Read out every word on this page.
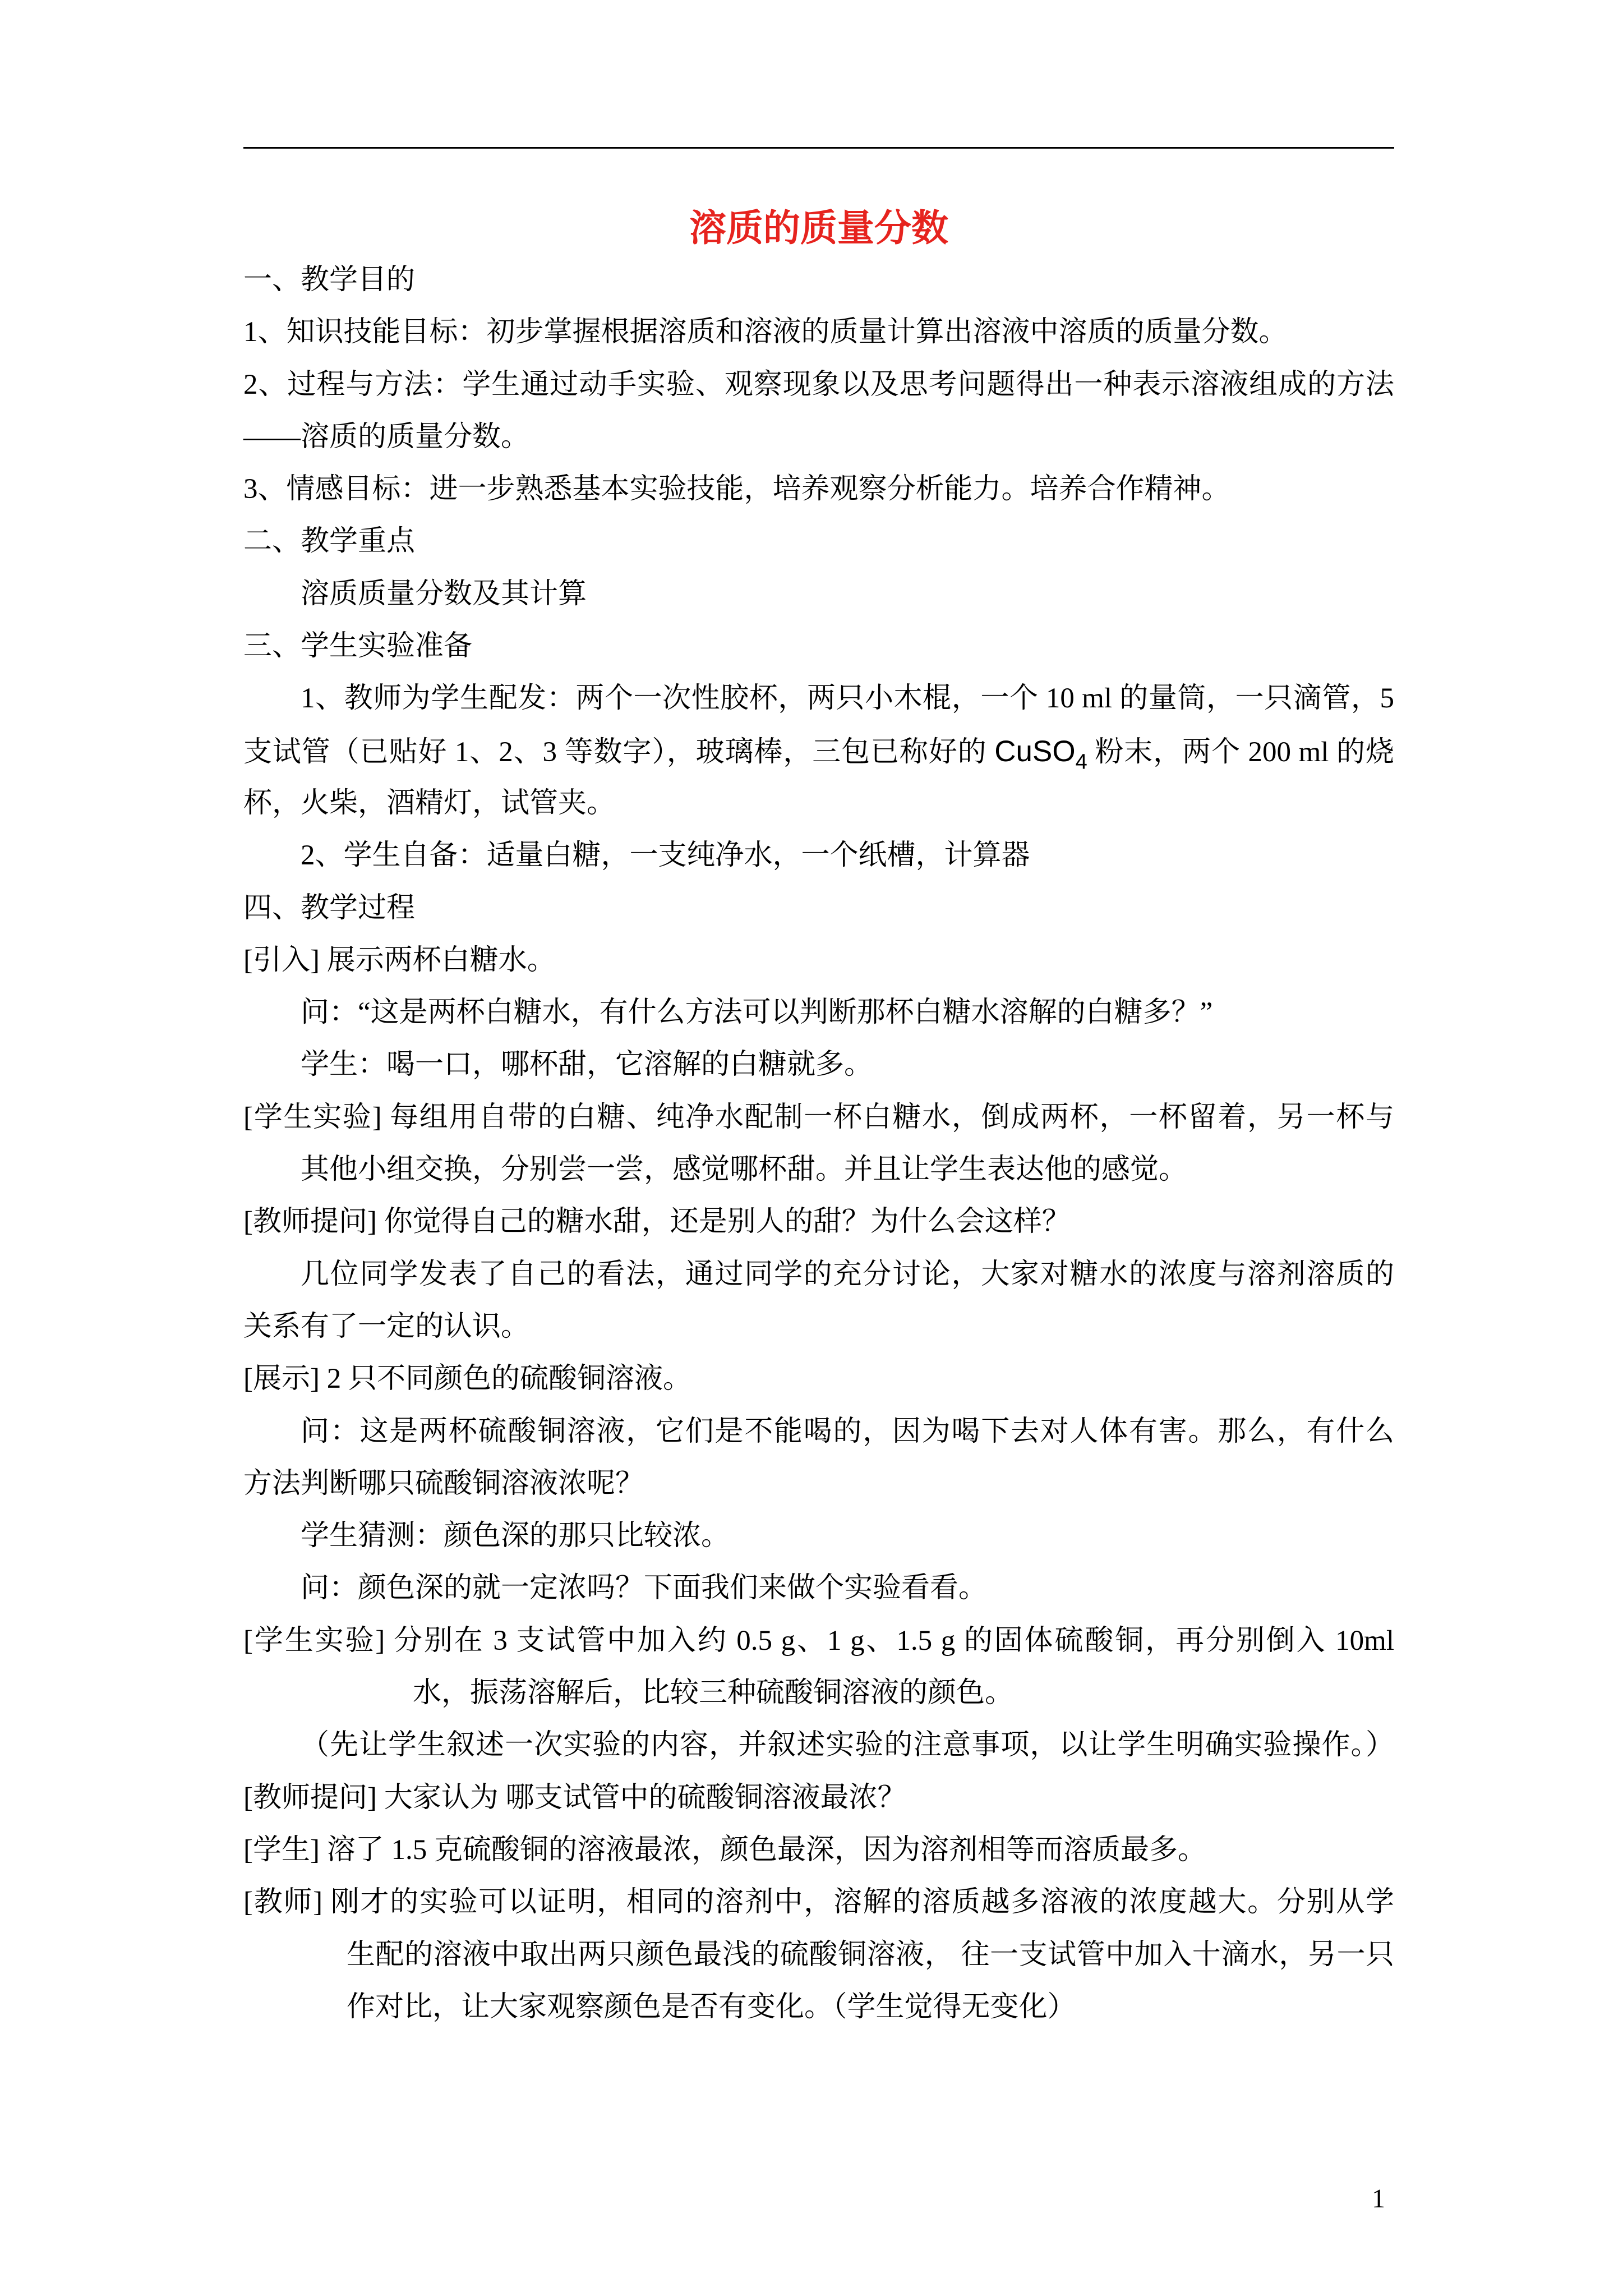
溶质的质量分数
一、教学目的
1、知识技能目标：初步掌握根据溶质和溶液的质量计算出溶液中溶质的质量分数。
2、过程与方法：学生通过动手实验、观察现象以及思考问题得出一种表示溶液组成的方法
——溶质的质量分数。
3、情感目标：进一步熟悉基本实验技能，培养观察分析能力。培养合作精神。
二、教学重点
溶质质量分数及其计算
三、学生实验准备
1、教师为学生配发：两个一次性胶杯，两只小木棍，一个 10 ml 的量筒，一只滴管，5
支试管（已贴好 1、2、3 等数字），玻璃棒，三包已称好的 CuSO$_4$ 粉末，两个 200 ml 的烧
杯，火柴，酒精灯，试管夹。
2、学生自备：适量白糖，一支纯净水，一个纸槽，计算器
四、教学过程
[引入] 展示两杯白糖水。
问：“这是两杯白糖水，有什么方法可以判断那杯白糖水溶解的白糖多？”
学生：喝一口，哪杯甜，它溶解的白糖就多。
[学生实验] 每组用自带的白糖、纯净水配制一杯白糖水，倒成两杯，一杯留着，另一杯与
其他小组交换，分别尝一尝，感觉哪杯甜。并且让学生表达他的感觉。
[教师提问] 你觉得自己的糖水甜，还是别人的甜？为什么会这样？
几位同学发表了自己的看法，通过同学的充分讨论，大家对糖水的浓度与溶剂溶质的
关系有了一定的认识。
[展示] 2 只不同颜色的硫酸铜溶液。
问：这是两杯硫酸铜溶液，它们是不能喝的，因为喝下去对人体有害。那么，有什么
方法判断哪只硫酸铜溶液浓呢？
学生猜测：颜色深的那只比较浓。
问：颜色深的就一定浓吗？下面我们来做个实验看看。
[学生实验] 分别在 3 支试管中加入约 0.5 g、1 g、1.5 g 的固体硫酸铜，再分别倒入 10ml
水，振荡溶解后，比较三种硫酸铜溶液的颜色。
（先让学生叙述一次实验的内容，并叙述实验的注意事项，以让学生明确实验操作。）
[教师提问] 大家认为 哪支试管中的硫酸铜溶液最浓？
[学生] 溶了 1.5 克硫酸铜的溶液最浓，颜色最深，因为溶剂相等而溶质最多。
[教师] 刚才的实验可以证明，相同的溶剂中，溶解的溶质越多溶液的浓度越大。分别从学
生配的溶液中取出两只颜色最浅的硫酸铜溶液， 往一支试管中加入十滴水，另一只
作对比，让大家观察颜色是否有变化。（学生觉得无变化）
1
